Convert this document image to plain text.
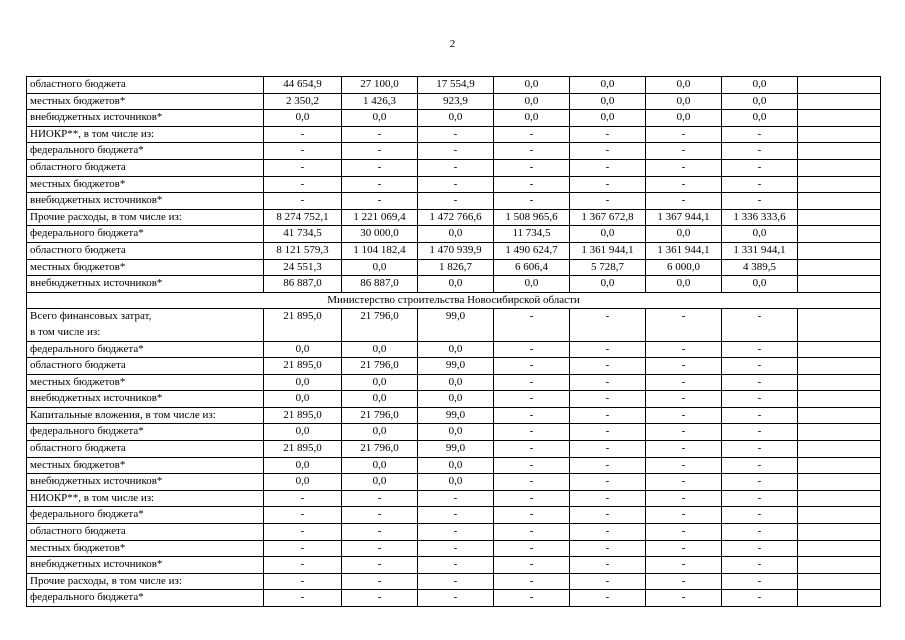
2
областного бюджета	44 654,9	27 100,0	17 554,9	0,0	0,0	0,0	0,0	
местных бюджетов*	2 350,2	1 426,3	923,9	0,0	0,0	0,0	0,0	
внебюджетных источников*	0,0	0,0	0,0	0,0	0,0	0,0	0,0	
НИОКР**, в том числе из:	-	-	-	-	-	-	-	
федерального бюджета*	-	-	-	-	-	-	-	
областного бюджета	-	-	-	-	-	-	-	
местных бюджетов*	-	-	-	-	-	-	-	
внебюджетных источников*	-	-	-	-	-	-	-	
Прочие расходы, в том числе из:	8 274 752,1	1 221 069,4	1 472 766,6	1 508 965,6	1 367 672,8	1 367 944,1	1 336 333,6	
федерального бюджета*	41 734,5	30 000,0	0,0	11 734,5	0,0	0,0	0,0	
областного бюджета	8 121 579,3	1 104 182,4	1 470 939,9	1 490 624,7	1 361 944,1	1 361 944,1	1 331 944,1	
местных бюджетов*	24 551,3	0,0	1 826,7	6 606,4	5 728,7	6 000,0	4 389,5	
внебюджетных источников*	86 887,0	86 887,0	0,0	0,0	0,0	0,0	0,0	
Министерство строительства Новосибирской области								
Всего финансовых затрат,
в том числе из:	21 895,0	21 796,0	99,0	-	-	-	-	
федерального бюджета*	0,0	0,0	0,0	-	-	-	-	
областного бюджета	21 895,0	21 796,0	99,0	-	-	-	-	
местных бюджетов*	0,0	0,0	0,0	-	-	-	-	
внебюджетных источников*	0,0	0,0	0,0	-	-	-	-	
Капитальные вложения, в том числе из:	21 895,0	21 796,0	99,0	-	-	-	-	
федерального бюджета*	0,0	0,0	0,0	-	-	-	-	
областного бюджета	21 895,0	21 796,0	99,0	-	-	-	-	
местных бюджетов*	0,0	0,0	0,0	-	-	-	-	
внебюджетных источников*	0,0	0,0	0,0	-	-	-	-	
НИОКР**, в том числе из:	-	-	-	-	-	-	-	
федерального бюджета*	-	-	-	-	-	-	-	
областного бюджета	-	-	-	-	-	-	-	
местных бюджетов*	-	-	-	-	-	-	-	
внебюджетных источников*	-	-	-	-	-	-	-	
Прочие расходы, в том числе из:	-	-	-	-	-	-	-	
федерального бюджета*	-	-	-	-	-	-	-	
